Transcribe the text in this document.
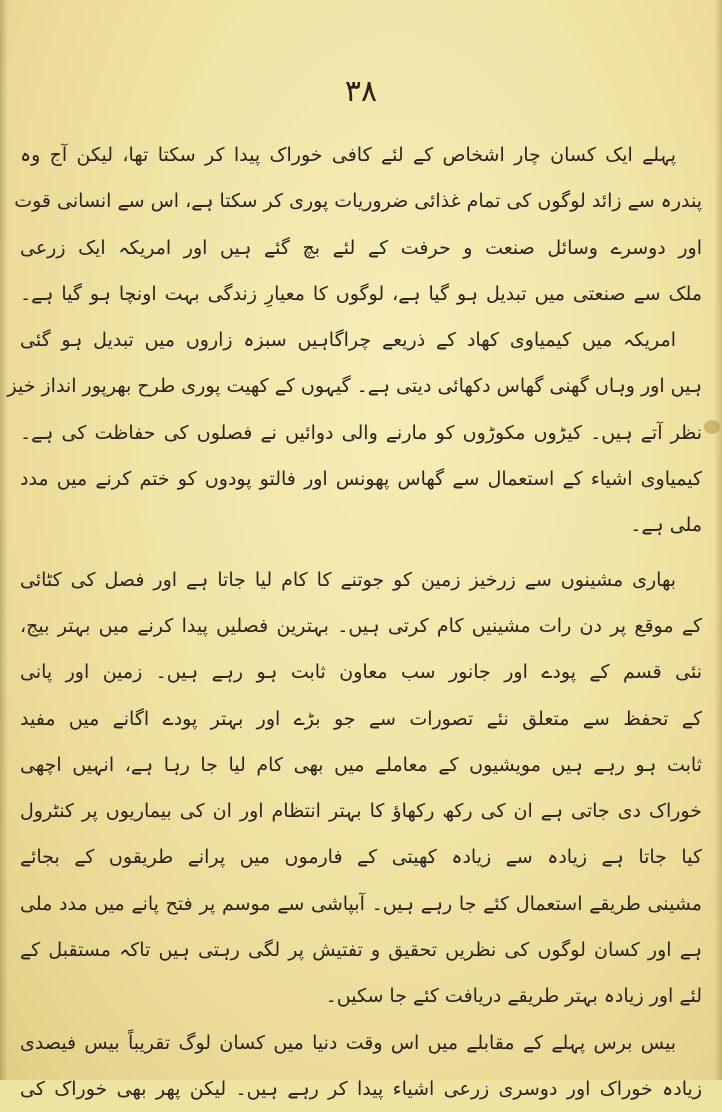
۳۸
پہلے ایک کسان چار اشخاص کے لئے کافی خوراک پیدا کر سکتا تھا، لیکن آج وہ
پندرہ سے زائد لوگوں کی تمام غذائی ضروریات پوری کر سکتا ہے، اس سے انسانی قوت
اور دوسرے وسائل صنعت و حرفت کے لئے بچ گئے ہیں اور امریکہ ایک زرعی
ملک سے صنعتی میں تبدیل ہو گیا ہے، لوگوں کا معیارِ زندگی بہت اونچا ہو گیا ہے۔
امریکہ میں کیمیاوی کھاد کے ذریعے چراگاہیں سبزہ زاروں میں تبدیل ہو گئی
ہیں اور وہاں گھنی گھاس دکھائی دیتی ہے۔ گیہوں کے کھیت پوری طرح بھرپور انداز خیز
نظر آتے ہیں۔ کیڑوں مکوڑوں کو مارنے والی دوائیں نے فصلوں کی حفاظت کی ہے۔
کیمیاوی اشیاء کے استعمال سے گھاس پھونس اور فالتو پودوں کو ختم کرنے میں مدد
ملی ہے۔
بھاری مشینوں سے زرخیز زمین کو جوتنے کا کام لیا جاتا ہے اور فصل کی کٹائی
کے موقع پر دن رات مشینیں کام کرتی ہیں۔ بہترین فصلیں پیدا کرنے میں بہتر بیج،
نئی قسم کے پودے اور جانور سب معاون ثابت ہو رہے ہیں۔ زمین اور پانی
کے تحفظ سے متعلق نئے تصورات سے جو بڑے اور بہتر پودے اگانے میں مفید
ثابت ہو رہے ہیں مویشیوں کے معاملے میں بھی کام لیا جا رہا ہے، انہیں اچھی
خوراک دی جاتی ہے ان کی رکھ رکھاؤ کا بہتر انتظام اور ان کی بیماریوں پر کنٹرول
کیا جاتا ہے زیادہ سے زیادہ کھیتی کے فارموں میں پرانے طریقوں کے بجائے
مشینی طریقے استعمال کئے جا رہے ہیں۔ آبپاشی سے موسم پر فتح پانے میں مدد ملی
ہے اور کسان لوگوں کی نظریں تحقیق و تفتیش پر لگی رہتی ہیں تاکہ مستقبل کے
لئے اور زیادہ بہتر طریقے دریافت کئے جا سکیں۔
بیس برس پہلے کے مقابلے میں اس وقت دنیا میں کسان لوگ تقریباً بیس فیصدی
زیادہ خوراک اور دوسری زرعی اشیاء پیدا کر رہے ہیں۔ لیکن پھر بھی خوراک کی
